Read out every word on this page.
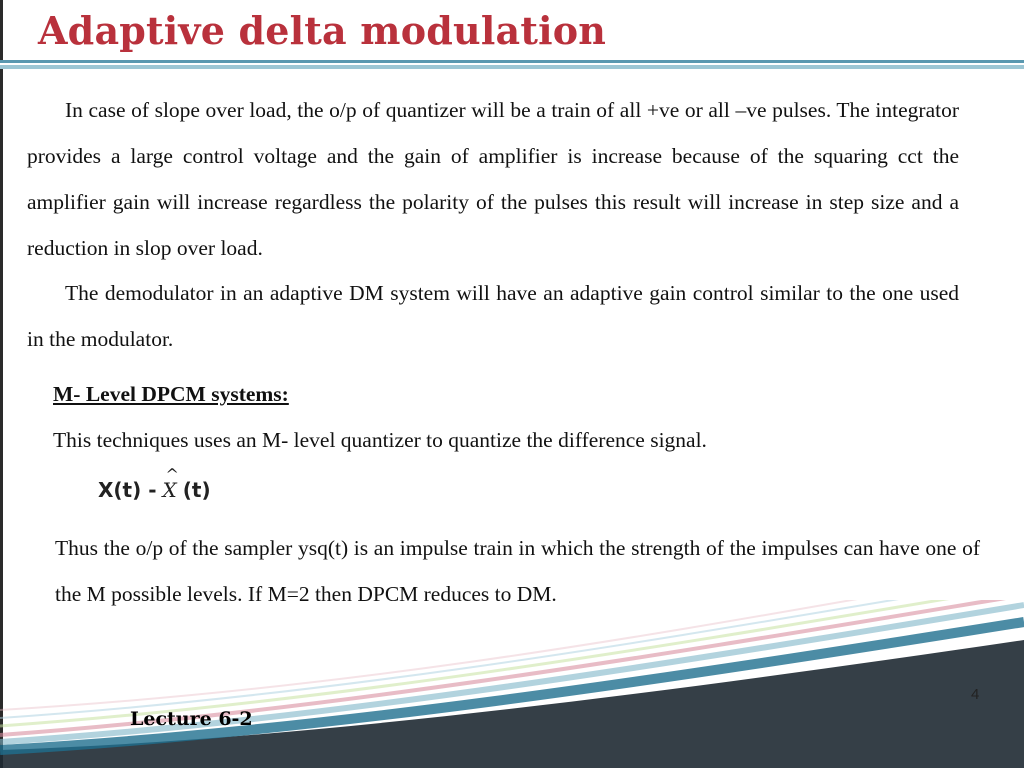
Adaptive delta modulation

In case of slope over load, the o/p of quantizer will be a train of all +ve or all –ve pulses. The integrator provides a large control voltage and the gain of amplifier is increase because of the squaring cct the amplifier gain will increase regardless the polarity of the pulses this result will increase in step size and a reduction in slop over load.

The demodulator in an adaptive DM system will have an adaptive gain control similar to the one used in the modulator.

M- Level DPCM systems:
This techniques uses an M- level quantizer to quantize the difference signal.
X(t) -
^
X (t)

Thus the o/p of the sampler ysq(t) is an impulse train in which the strength of the impulses can have one of the M possible levels. If M=2 then DPCM reduces to DM.

4
Lecture 6-2
